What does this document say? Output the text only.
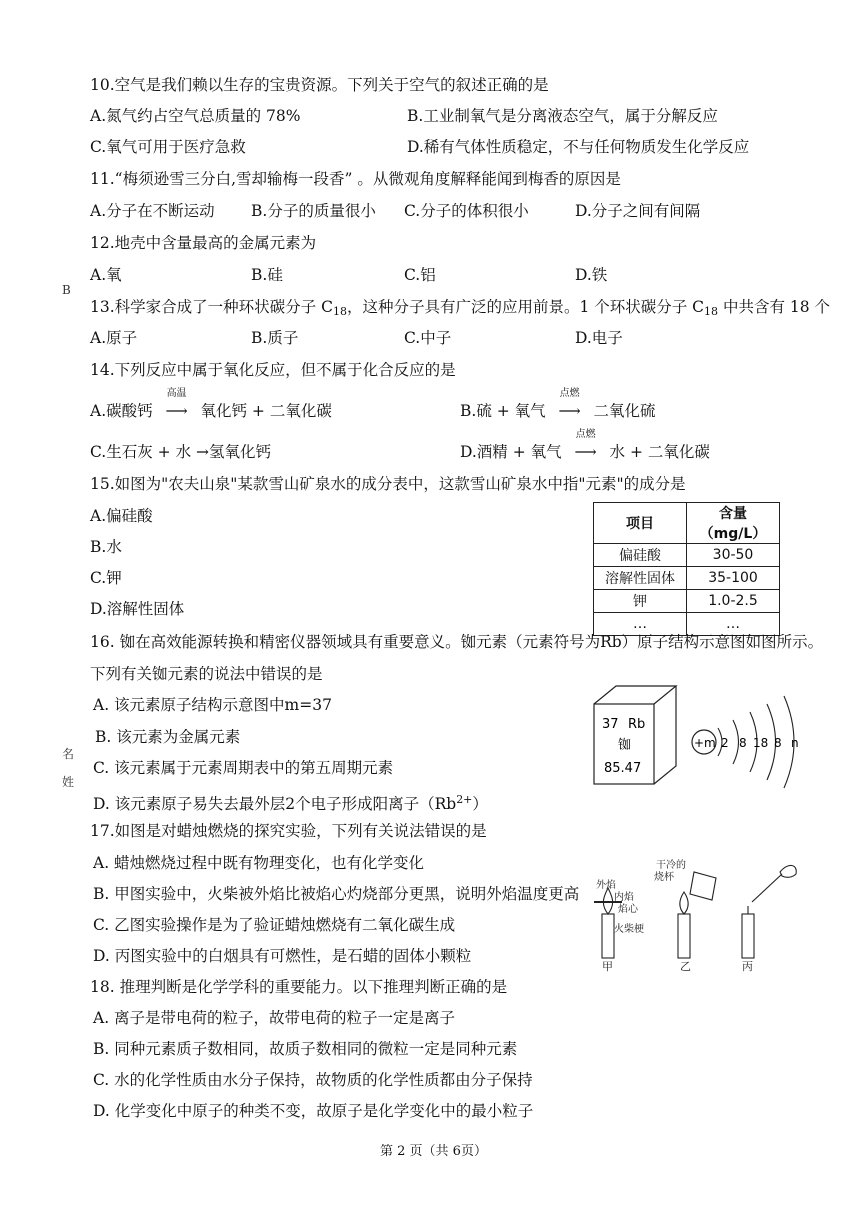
10.空气是我们赖以生存的宝贵资源。下列关于空气的叙述正确的是
A.氮气约占空气总质量的 78%	B.工业制氧气是分离液态空气，属于分解反应
C.氧气可用于医疗急救	D.稀有气体性质稳定，不与任何物质发生化学反应
11.“梅须逊雪三分白,雪却输梅一段香” 。从微观角度解释能闻到梅香的原因是
A.分子在不断运动 B.分子的质量很小 C.分子的体积很小	D.分子之间有间隔
12.地壳中含量最高的金属元素为
A.氧	B.硅	C.铝	D.铁
B
13.科学家合成了一种环状碳分子 $C_{18}$，这种分子具有广泛的应用前景。1 个环状碳分子 $C_{18}$ 中共含有 18 个
A.原子	B.质子	C.中子	D.电子
14.下列反应中属于氧化反应，但不属于化合反应的是
A.碳酸钙
高温
⟶ 氧化钙 + 二氧化碳	B.硫 + 氧气
点燃
⟶ 二氧化硫
C.生石灰 + 水 →氢氧化钙	D.酒精 + 氧气
点燃
⟶ 水 + 二氧化碳
15.如图为"农夫山泉"某款雪山矿泉水的成分表中，这款雪山矿泉水中指"元素"的成分是
A.偏硅酸
B.水
C.钾
D.溶解性固体
项目	含量（mg/L）
偏硅酸	30-50
溶解性固体	35-100
钾	1.0-2.5
…	…
16. 铷在高效能源转换和精密仪器领域具有重要意义。铷元素（元素符号为Rb）原子结构示意图如图所示。
下列有关铷元素的说法中错误的是
A. 该元素原子结构示意图中m=37
B. 该元素为金属元素
C. 该元素属于元素周期表中的第五周期元素
D. 该元素原子易失去最外层2个电子形成阳离子$(Rb^{2+})$
名
姓
37 Rb
铷
85.47
+m 2 8 18 8 n
17.如图是对蜡烛燃烧的探究实验，下列有关说法错误的是
A. 蜡烛燃烧过程中既有物理变化，也有化学变化
B. 甲图实验中，火柴被外焰比被焰心灼烧部分更黑，说明外焰温度更高
C. 乙图实验操作是为了验证蜡烛燃烧有二氧化碳生成
D. 丙图实验中的白烟具有可燃性，是石蜡的固体小颗粒
外焰
内焰
焰心
火柴梗
干冷的
烧杯
甲	乙	丙
18. 推理判断是化学学科的重要能力。以下推理判断正确的是
A. 离子是带电荷的粒子，故带电荷的粒子一定是离子
B. 同种元素质子数相同，故质子数相同的微粒一定是同种元素
C. 水的化学性质由水分子保持，故物质的化学性质都由分子保持
D. 化学变化中原子的种类不变，故原子是化学变化中的最小粒子
第 2 页（共 6页）
